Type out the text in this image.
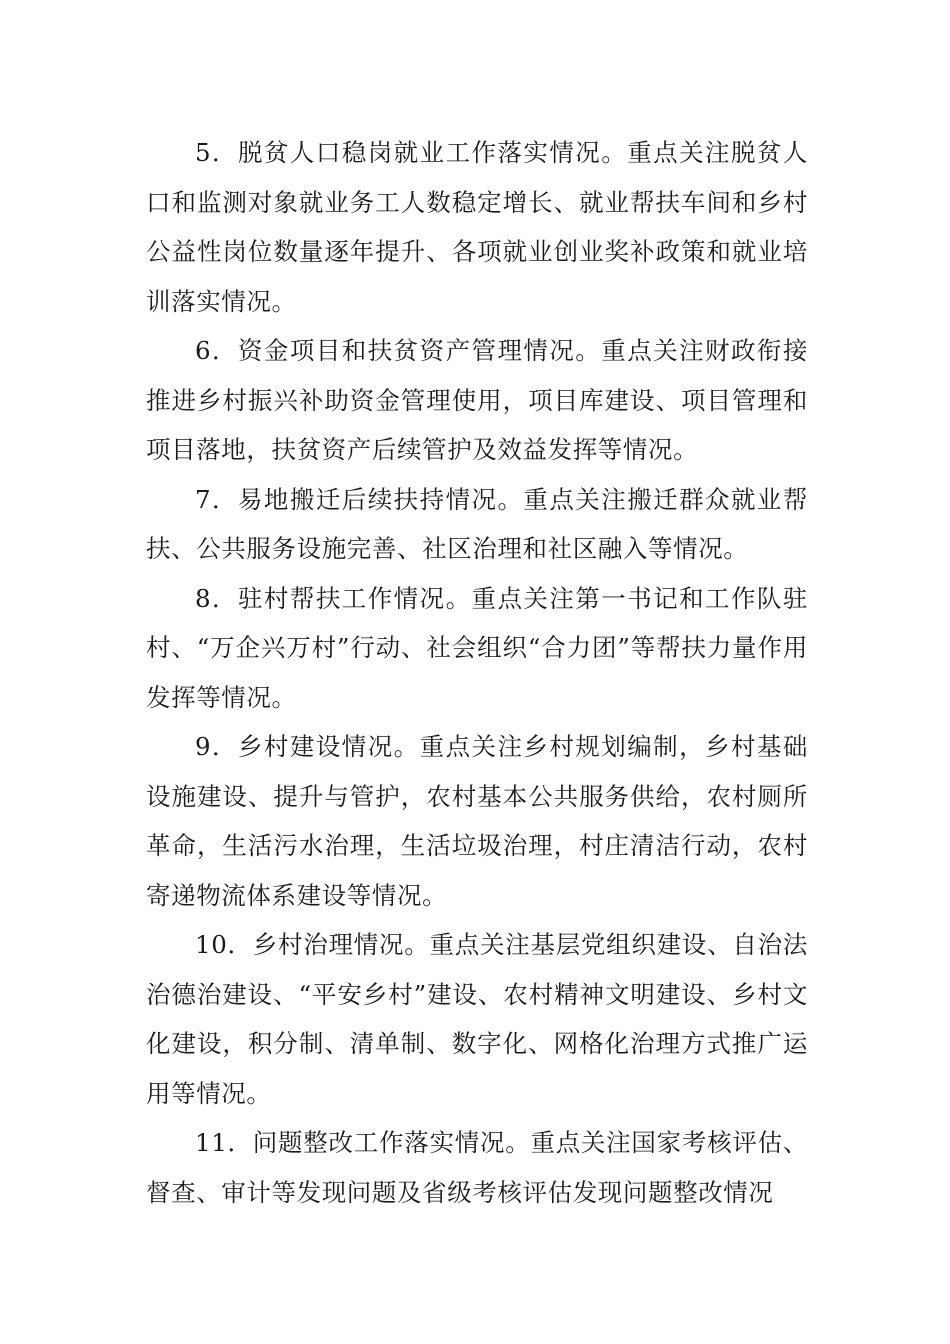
5．脱贫人口稳岗就业工作落实情况。重点关注脱贫人口和监测对象就业务工人数稳定增长、就业帮扶车间和乡村公益性岗位数量逐年提升、各项就业创业奖补政策和就业培训落实情况。

6．资金项目和扶贫资产管理情况。重点关注财政衔接推进乡村振兴补助资金管理使用，项目库建设、项目管理和项目落地，扶贫资产后续管护及效益发挥等情况。

7．易地搬迁后续扶持情况。重点关注搬迁群众就业帮扶、公共服务设施完善、社区治理和社区融入等情况。

8．驻村帮扶工作情况。重点关注第一书记和工作队驻村、“万企兴万村”行动、社会组织“合力团”等帮扶力量作用发挥等情况。

9．乡村建设情况。重点关注乡村规划编制，乡村基础设施建设、提升与管护，农村基本公共服务供给，农村厕所革命，生活污水治理，生活垃圾治理，村庄清洁行动，农村寄递物流体系建设等情况。

10．乡村治理情况。重点关注基层党组织建设、自治法治德治建设、“平安乡村”建设、农村精神文明建设、乡村文化建设，积分制、清单制、数字化、网格化治理方式推广运用等情况。

11．问题整改工作落实情况。重点关注国家考核评估、督查、审计等发现问题及省级考核评估发现问题整改情况
